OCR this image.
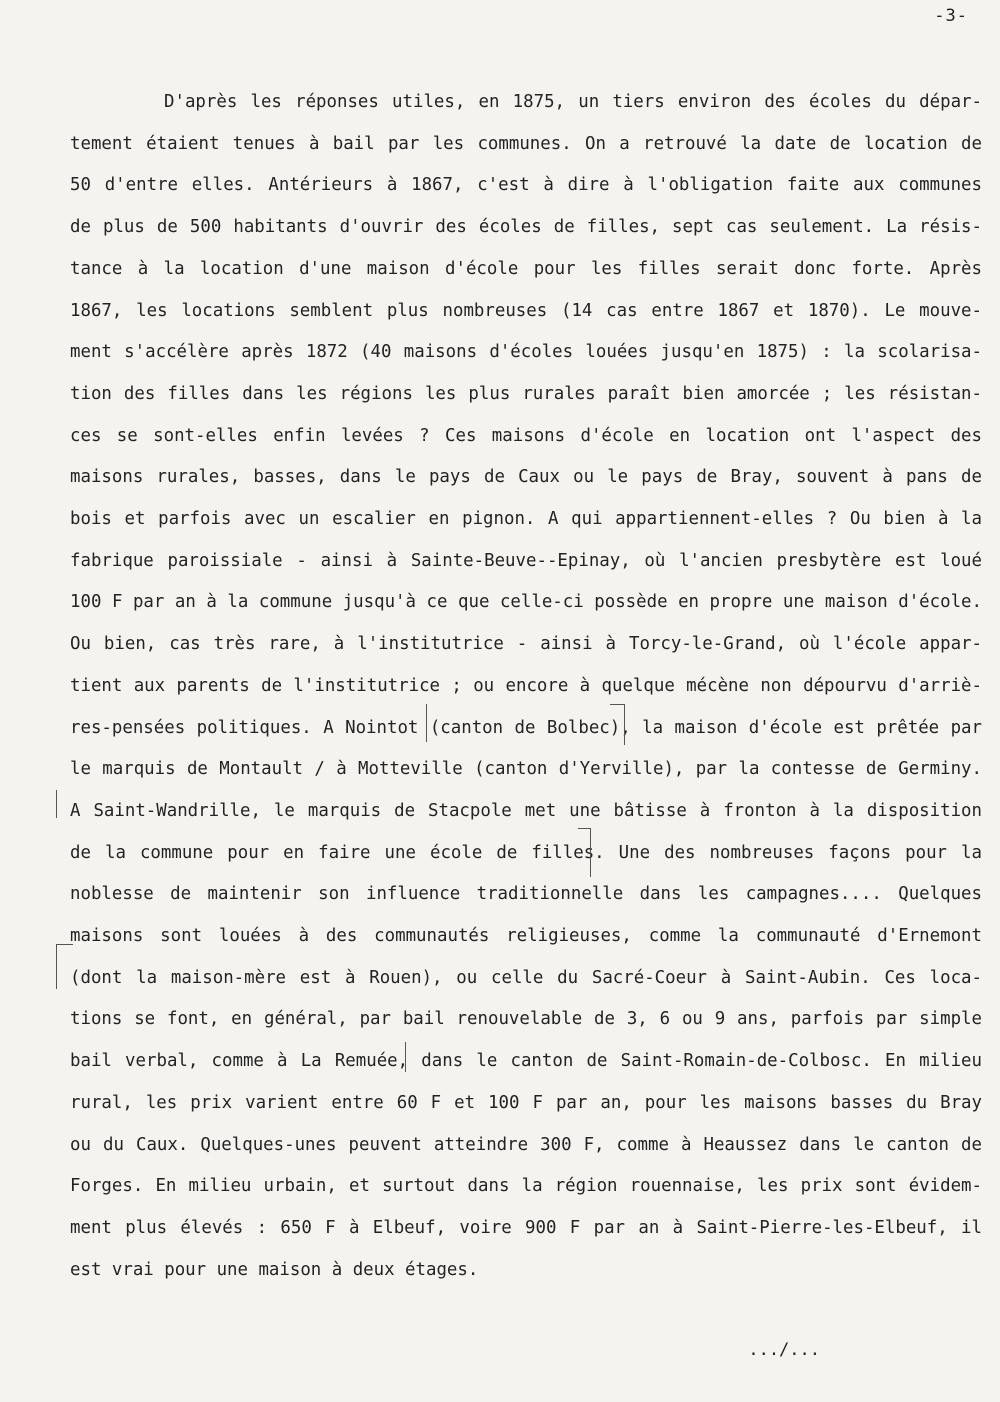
-3-
D'après les réponses utiles, en 1875, un tiers environ des écoles du dépar-
tement étaient tenues à bail par les communes. On a retrouvé la date de location de
50 d'entre elles. Antérieurs à 1867, c'est à dire à l'obligation faite aux communes
de plus de 500 habitants d'ouvrir des écoles de filles, sept cas seulement. La résis-
tance à la location d'une maison d'école pour les filles serait donc forte. Après
1867, les locations semblent plus nombreuses (14 cas entre 1867 et 1870). Le mouve-
ment s'accélère après 1872 (40 maisons d'écoles louées jusqu'en 1875) : la scolarisa-
tion des filles dans les régions les plus rurales paraît bien amorcée ; les résistan-
ces se sont-elles enfin levées ? Ces maisons d'école en location ont l'aspect des
maisons rurales, basses, dans le pays de Caux ou le pays de Bray, souvent à pans de
bois et parfois avec un escalier en pignon. A qui appartiennent-elles ? Ou bien à la
fabrique paroissiale - ainsi à Sainte-Beuve--Epinay, où l'ancien presbytère est loué
100 F par an à la commune jusqu'à ce que celle-ci possède en propre une maison d'école.
Ou bien, cas très rare, à l'institutrice - ainsi à Torcy-le-Grand, où l'école appar-
tient aux parents de l'institutrice ; ou encore à quelque mécène non dépourvu d'arriè-
res-pensées politiques. A Nointot (canton de Bolbec), la maison d'école est prêtée par
le marquis de Montault / à Motteville (canton d'Yerville), par la contesse de Germiny.
A Saint-Wandrille, le marquis de Stacpole met une bâtisse à fronton à la disposition
de la commune pour en faire une école de filles. Une des nombreuses façons pour la
noblesse de maintenir son influence traditionnelle dans les campagnes.... Quelques
maisons sont louées à des communautés religieuses, comme la communauté d'Ernemont
(dont la maison-mère est à Rouen), ou celle du Sacré-Coeur à Saint-Aubin. Ces loca-
tions se font, en général, par bail renouvelable de 3, 6 ou 9 ans, parfois par simple
bail verbal, comme à La Remuée, dans le canton de Saint-Romain-de-Colbosc. En milieu
rural, les prix varient entre 60 F et 100 F par an, pour les maisons basses du Bray
ou du Caux. Quelques-unes peuvent atteindre 300 F, comme à Heaussez dans le canton de
Forges. En milieu urbain, et surtout dans la région rouennaise, les prix sont évidem-
ment plus élevés : 650 F à Elbeuf, voire 900 F par an à Saint-Pierre-les-Elbeuf, il
est vrai pour une maison à deux étages.
.../...
